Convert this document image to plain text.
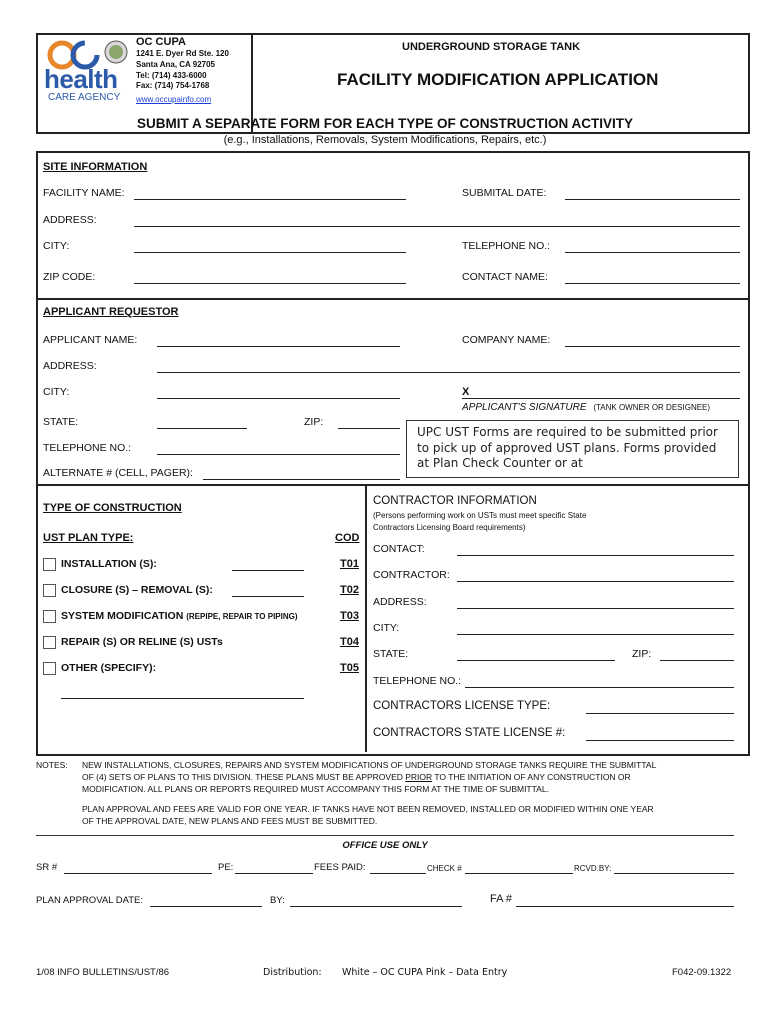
health
CARE AGENCY
OC CUPA
1241 E. Dyer Rd Ste. 120
Santa Ana, CA 92705
Tel: (714) 433-6000
Fax: (714) 754-1768
www.occupainfo.com
UNDERGROUND STORAGE TANK
FACILITY MODIFICATION APPLICATION
SUBMIT A SEPARATE FORM FOR EACH TYPE OF CONSTRUCTION ACTIVITY
(e.g., Installations, Removals, System Modifications, Repairs, etc.)
SITE INFORMATION
FACILITY NAME:	SUBMITAL DATE:
ADDRESS:
CITY:	TELEPHONE NO.:
ZIP CODE:	CONTACT NAME:
APPLICANT REQUESTOR
APPLICANT NAME:	COMPANY NAME:
ADDRESS:
CITY:	X
APPLICANT'S SIGNATURE (TANK OWNER OR DESIGNEE)
STATE:	ZIP:
TELEPHONE NO.:
ALTERNATE # (CELL, PAGER):
UPC UST Forms are required to be submitted prior to pick up of approved UST plans. Forms provided at Plan Check Counter or at
TYPE OF CONSTRUCTION
UST PLAN TYPE:	COD
INSTALLATION (S):	T01
CLOSURE (S) – REMOVAL (S):	T02
SYSTEM MODIFICATION (REPIPE, REPAIR TO PIPING)	T03
REPAIR (S) OR RELINE (S) USTs	T04
OTHER (SPECIFY):	T05
CONTRACTOR INFORMATION
(Persons performing work on USTs must meet specific State Contractors Licensing Board requirements)
CONTACT:
CONTRACTOR:
ADDRESS:
CITY:
STATE:	ZIP:
TELEPHONE NO.:
CONTRACTORS LICENSE TYPE:
CONTRACTORS STATE LICENSE #:
NOTES: NEW INSTALLATIONS, CLOSURES, REPAIRS AND SYSTEM MODIFICATIONS OF UNDERGROUND STORAGE TANKS REQUIRE THE SUBMITTAL
OF (4) SETS OF PLANS TO THIS DIVISION. THESE PLANS MUST BE APPROVED PRIOR TO THE INITIATION OF ANY CONSTRUCTION OR
MODIFICATION. ALL PLANS OR REPORTS REQUIRED MUST ACCOMPANY THIS FORM AT THE TIME OF SUBMITTAL.
PLAN APPROVAL AND FEES ARE VALID FOR ONE YEAR. IF TANKS HAVE NOT BEEN REMOVED, INSTALLED OR MODIFIED WITHIN ONE YEAR
OF THE APPROVAL DATE, NEW PLANS AND FEES MUST BE SUBMITTED.
OFFICE USE ONLY
SR #	PE:	FEES PAID:	CHECK #	RCVD.BY:
PLAN APPROVAL DATE:	BY:	FA #
1/08 INFO BULLETINS/UST/86	Distribution: White – OC CUPA Pink – Data Entry	F042-09.1322
